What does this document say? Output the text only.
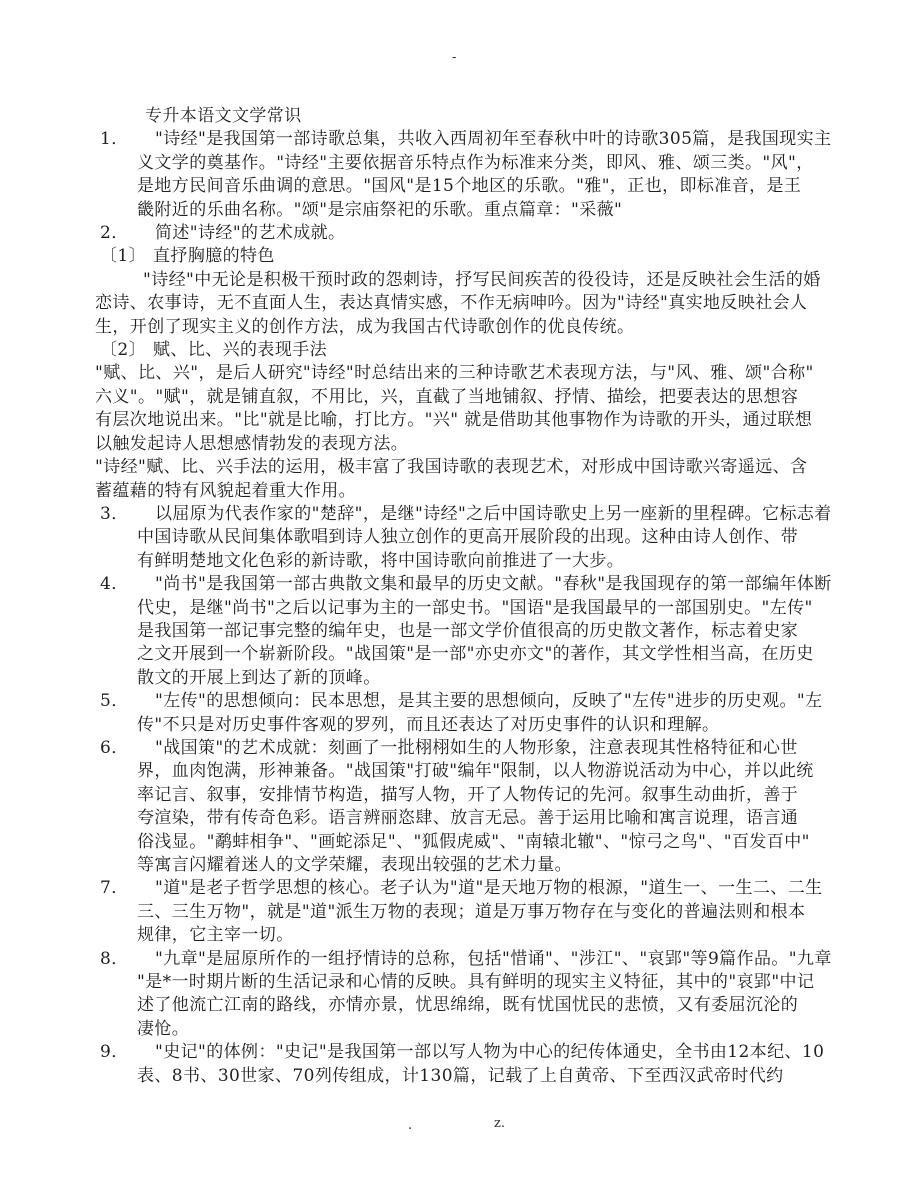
-
专升本语文文学常识
1．	"诗经"是我国第一部诗歌总集，共收入西周初年至春秋中叶的诗歌305篇，是我国现实主
义文学的奠基作。"诗经"主要依据音乐特点作为标准来分类，即风、雅、颂三类。"风"，
是地方民间音乐曲调的意思。"国风"是15个地区的乐歌。"雅"，正也，即标准音，是王
畿附近的乐曲名称。"颂"是宗庙祭祀的乐歌。重点篇章："采薇"
2．	简述"诗经"的艺术成就。
〔1〕 直抒胸臆的特色
"诗经"中无论是积极干预时政的怨刺诗，抒写民间疾苦的役役诗，还是反映社会生活的婚
恋诗、农事诗，无不直面人生，表达真情实感，不作无病呻吟。因为"诗经"真实地反映社会人
生，开创了现实主义的创作方法，成为我国古代诗歌创作的优良传统。
〔2〕 赋、比、兴的表现手法
"赋、比、兴"，是后人研究"诗经"时总结出来的三种诗歌艺术表现方法，与"风、雅、颂"合称"
六义"。"赋"，就是铺直叙，不用比，兴，直截了当地铺叙、抒情、描绘，把要表达的思想容
有层次地说出来。"比"就是比喻，打比方。"兴" 就是借助其他事物作为诗歌的开头，通过联想
以触发起诗人思想感情勃发的表现方法。
"诗经"赋、比、兴手法的运用，极丰富了我国诗歌的表现艺术，对形成中国诗歌兴寄遥远、含
蓄蕴藉的特有风貌起着重大作用。
3．	以屈原为代表作家的"楚辞"，是继"诗经"之后中国诗歌史上另一座新的里程碑。它标志着
中国诗歌从民间集体歌唱到诗人独立创作的更高开展阶段的出现。这种由诗人创作、带
有鲜明楚地文化色彩的新诗歌，将中国诗歌向前推进了一大步。
4．	"尚书"是我国第一部古典散文集和最早的历史文献。"春秋"是我国现存的第一部编年体断
代史，是继"尚书"之后以记事为主的一部史书。"国语"是我国最早的一部国别史。"左传"
是我国第一部记事完整的编年史，也是一部文学价值很高的历史散文著作，标志着史家
之文开展到一个崭新阶段。"战国策"是一部"亦史亦文"的著作，其文学性相当高，在历史
散文的开展上到达了新的顶峰。
5．	"左传"的思想倾向：民本思想，是其主要的思想倾向，反映了"左传"进步的历史观。"左
传"不只是对历史事件客观的罗列，而且还表达了对历史事件的认识和理解。
6．	"战国策"的艺术成就：刻画了一批栩栩如生的人物形象，注意表现其性格特征和心世
界，血肉饱满，形神兼备。"战国策"打破"编年"限制，以人物游说活动为中心，并以此统
率记言、叙事，安排情节构造，描写人物，开了人物传记的先河。叙事生动曲折，善于
夸渲染，带有传奇色彩。语言辨丽恣肆、放言无忌。善于运用比喻和寓言说理，语言通
俗浅显。"鹬蚌相争"、"画蛇添足"、"狐假虎威"、"南辕北辙"、"惊弓之鸟"、"百发百中"
等寓言闪耀着迷人的文学荣耀，表现出较强的艺术力量。
7．	"道"是老子哲学思想的核心。老子认为"道"是天地万物的根源，"道生一、一生二、二生
三、三生万物"，就是"道"派生万物的表现；道是万事万物存在与变化的普遍法则和根本
规律，它主宰一切。
8．	"九章"是屈原所作的一组抒情诗的总称，包括"惜诵"、"涉江"、"哀郢"等9篇作品。"九章
"是*一时期片断的生活记录和心情的反映。具有鲜明的现实主义特征，其中的"哀郢"中记
述了他流亡江南的路线，亦情亦景，忧思绵绵，既有忧国忧民的悲愤，又有委屈沉沦的
凄怆。
9．	"史记"的体例："史记"是我国第一部以写人物为中心的纪传体通史，全书由12本纪、10
表、8书、30世家、70列传组成，计130篇，记载了上自黄帝、下至西汉武帝时代约
.	z.
